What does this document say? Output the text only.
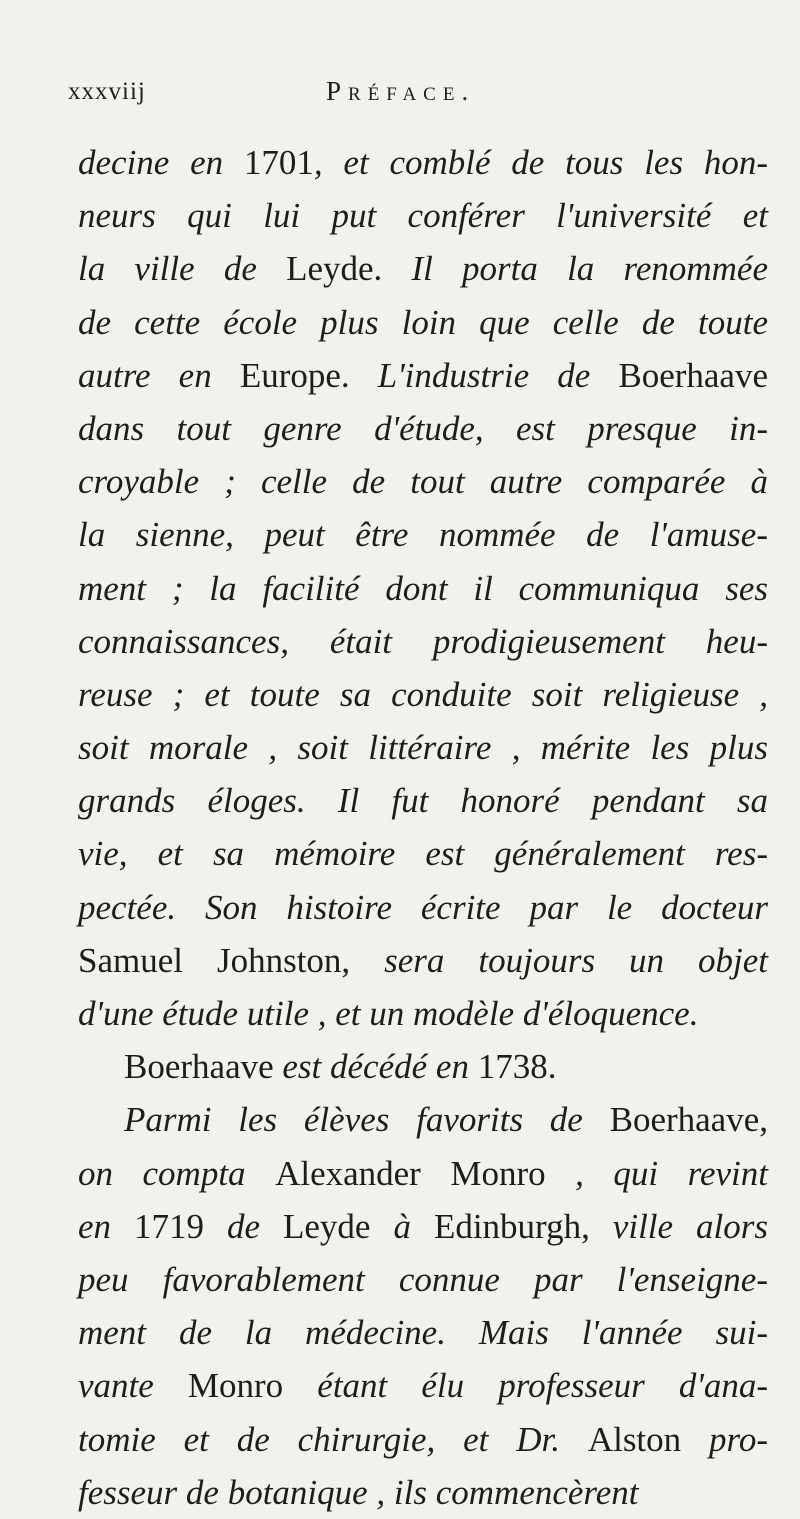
xxxviij	Préface.
decine en 1701, et comblé de tous les hon-
neurs qui lui put conférer l'université et
la ville de Leyde. Il porta la renommée
de cette école plus loin que celle de toute
autre en Europe. L'industrie de Boerhaave
dans tout genre d'étude, est presque in-
croyable ; celle de tout autre comparée à
la sienne, peut être nommée de l'amuse-
ment ; la facilité dont il communiqua ses
connaissances, était prodigieusement heu-
reuse ; et toute sa conduite soit religieuse ,
soit morale , soit littéraire , mérite les plus
grands éloges. Il fut honoré pendant sa
vie, et sa mémoire est généralement res-
pectée. Son histoire écrite par le docteur
Samuel Johnston, sera toujours un objet
d'une étude utile , et un modèle d'éloquence.
Boerhaave est décédé en 1738.
Parmi les élèves favorits de Boerhaave,
on compta Alexander Monro , qui revint
en 1719 de Leyde à Edinburgh, ville alors
peu favorablement connue par l'enseigne-
ment de la médecine. Mais l'année sui-
vante Monro étant élu professeur d'ana-
tomie et de chirurgie, et Dr. Alston pro-
fesseur de botanique , ils commencèrent
